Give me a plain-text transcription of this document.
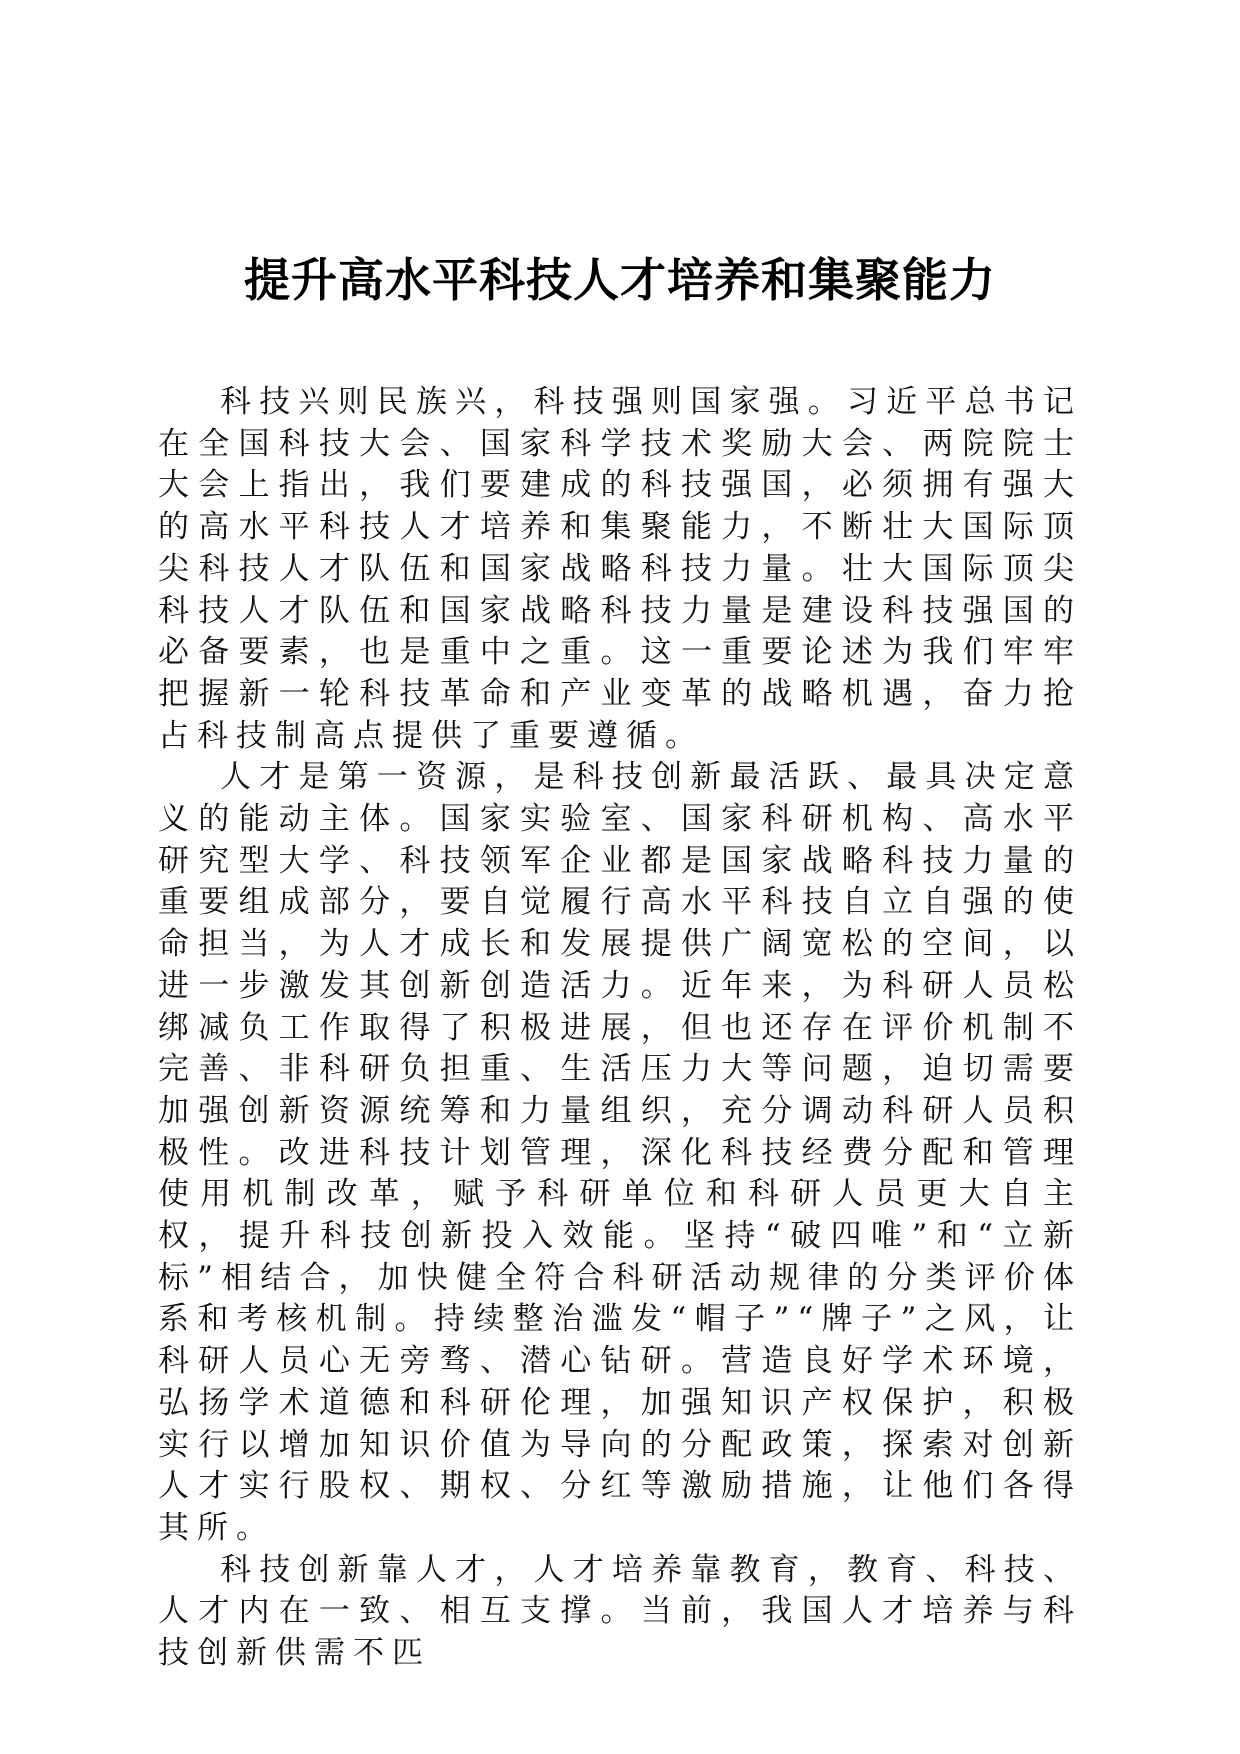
提升高水平科技人才培养和集聚能力

科技兴则民族兴，科技强则国家强。习近平总书记在全国科技大会、国家科学技术奖励大会、两院院士大会上指出，我们要建成的科技强国，必须拥有强大的高水平科技人才培养和集聚能力，不断壮大国际顶尖科技人才队伍和国家战略科技力量。壮大国际顶尖科技人才队伍和国家战略科技力量是建设科技强国的必备要素，也是重中之重。这一重要论述为我们牢牢把握新一轮科技革命和产业变革的战略机遇，奋力抢占科技制高点提供了重要遵循。

人才是第一资源，是科技创新最活跃、最具决定意义的能动主体。国家实验室、国家科研机构、高水平研究型大学、科技领军企业都是国家战略科技力量的重要组成部分，要自觉履行高水平科技自立自强的使命担当，为人才成长和发展提供广阔宽松的空间，以进一步激发其创新创造活力。近年来，为科研人员松绑减负工作取得了积极进展，但也还存在评价机制不完善、非科研负担重、生活压力大等问题，迫切需要加强创新资源统筹和力量组织，充分调动科研人员积极性。改进科技计划管理，深化科技经费分配和管理使用机制改革，赋予科研单位和科研人员更大自主权，提升科技创新投入效能。坚持“破四唯”和“立新标”相结合，加快健全符合科研活动规律的分类评价体系和考核机制。持续整治滥发“帽子”“牌子”之风，让科研人员心无旁骛、潜心钻研。营造良好学术环境，弘扬学术道德和科研伦理，加强知识产权保护，积极实行以增加知识价值为导向的分配政策，探索对创新人才实行股权、期权、分红等激励措施，让他们各得其所。

科技创新靠人才，人才培养靠教育，教育、科技、人才内在一致、相互支撑。当前，我国人才培养与科技创新供需不匹
